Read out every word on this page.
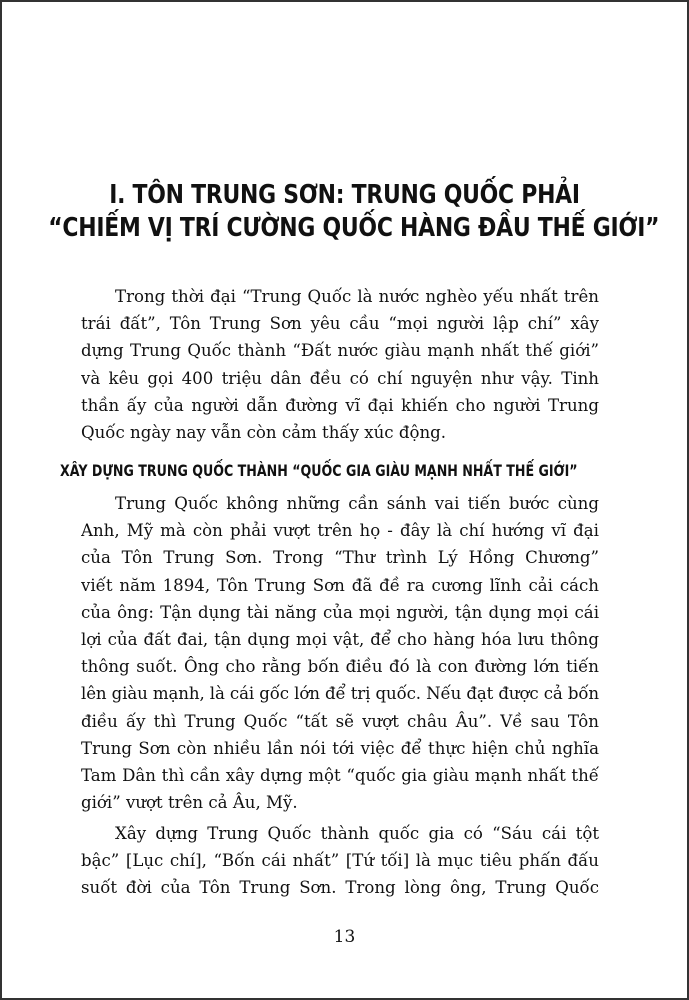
I. TÔN TRUNG SƠN: TRUNG QUỐC PHẢI
“CHIẾM VỊ TRÍ CƯỜNG QUỐC HÀNG ĐẦU THẾ GIỚI”
Trong thời đại “Trung Quốc là nước nghèo yếu nhất trên
trái đất”, Tôn Trung Sơn yêu cầu “mọi người lập chí” xây
dựng Trung Quốc thành “Đất nước giàu mạnh nhất thế giới”
và kêu gọi 400 triệu dân đều có chí nguyện như vậy. Tinh
thần ấy của người dẫn đường vĩ đại khiến cho người Trung
Quốc ngày nay vẫn còn cảm thấy xúc động.
XÂY DỰNG TRUNG QUỐC THÀNH “QUỐC GIA GIÀU MẠNH NHẤT THẾ GIỚI”
Trung Quốc không những cần sánh vai tiến bước cùng
Anh, Mỹ mà còn phải vượt trên họ - đây là chí hướng vĩ đại
của Tôn Trung Sơn. Trong “Thư trình Lý Hồng Chương”
viết năm 1894, Tôn Trung Sơn đã đề ra cương lĩnh cải cách
của ông: Tận dụng tài năng của mọi người, tận dụng mọi cái
lợi của đất đai, tận dụng mọi vật, để cho hàng hóa lưu thông
thông suốt. Ông cho rằng bốn điều đó là con đường lớn tiến
lên giàu mạnh, là cái gốc lớn để trị quốc. Nếu đạt được cả bốn
điều ấy thì Trung Quốc “tất sẽ vượt châu Âu”. Về sau Tôn
Trung Sơn còn nhiều lần nói tới việc để thực hiện chủ nghĩa
Tam Dân thì cần xây dựng một “quốc gia giàu mạnh nhất thế
giới” vượt trên cả Âu, Mỹ.
Xây dựng Trung Quốc thành quốc gia có “Sáu cái tột
bậc” [Lục chí], “Bốn cái nhất” [Tứ tối] là mục tiêu phấn đấu
suốt đời của Tôn Trung Sơn. Trong lòng ông, Trung Quốc
13
